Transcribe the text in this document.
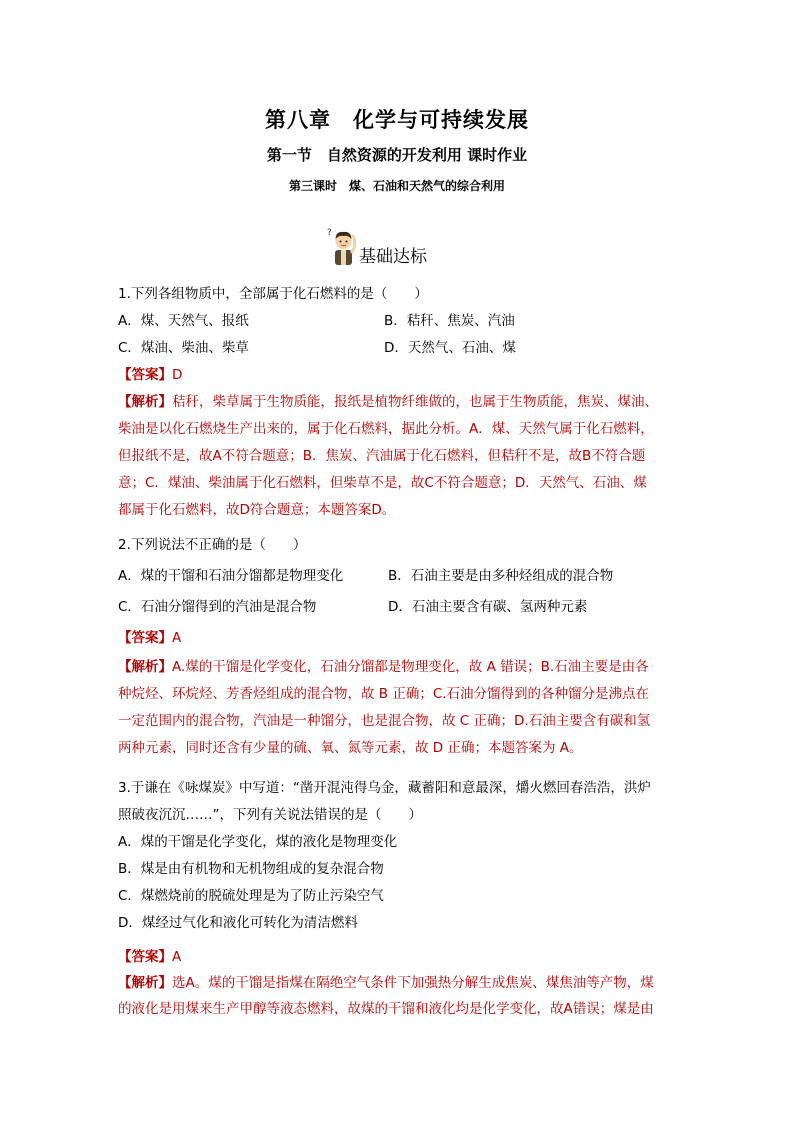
第八章　化学与可持续发展
第一节　自然资源的开发利用 课时作业
第三课时　煤、石油和天然气的综合利用
?
基础达标
1.下列各组物质中，全部属于化石燃料的是（　　）
A．煤、天然气、报纸	B．秸秆、焦炭、汽油
C．煤油、柴油、柴草	D．天然气、石油、煤
【答案】D
【解析】秸秆，柴草属于生物质能，报纸是植物纤维做的，也属于生物质能，焦炭、煤油、
柴油是以化石燃烧生产出来的，属于化石燃料，据此分析。A．煤、天然气属于化石燃料，
但报纸不是，故A不符合题意；B．焦炭、汽油属于化石燃料，但秸秆不是，故B不符合题
意；C．煤油、柴油属于化石燃料，但柴草不是，故C不符合题意；D．天然气、石油、煤
都属于化石燃料，故D符合题意；本题答案D。
2.下列说法不正确的是（　　）
A．煤的干馏和石油分馏都是物理变化	B．石油主要是由多种烃组成的混合物
C．石油分馏得到的汽油是混合物	D．石油主要含有碳、氢两种元素
【答案】A
【解析】A.煤的干馏是化学变化，石油分馏都是物理变化，故 A 错误；B.石油主要是由各
种烷烃、环烷烃、芳香烃组成的混合物，故 B 正确；C.石油分馏得到的各种馏分是沸点在
一定范围内的混合物，汽油是一种馏分，也是混合物，故 C 正确；D.石油主要含有碳和氢
两种元素，同时还含有少量的硫、氧、氮等元素，故 D 正确；本题答案为 A。
3.于谦在《咏煤炭》中写道：“凿开混沌得乌金，藏蓄阳和意最深，爝火燃回春浩浩，洪炉
照破夜沉沉……”，下列有关说法错误的是（　　）
A．煤的干馏是化学变化，煤的液化是物理变化
B．煤是由有机物和无机物组成的复杂混合物
C．煤燃烧前的脱硫处理是为了防止污染空气
D．煤经过气化和液化可转化为清洁燃料
【答案】A
【解析】选A。煤的干馏是指煤在隔绝空气条件下加强热分解生成焦炭、煤焦油等产物，煤
的液化是用煤来生产甲醇等液态燃料，故煤的干馏和液化均是化学变化，故A错误；煤是由
